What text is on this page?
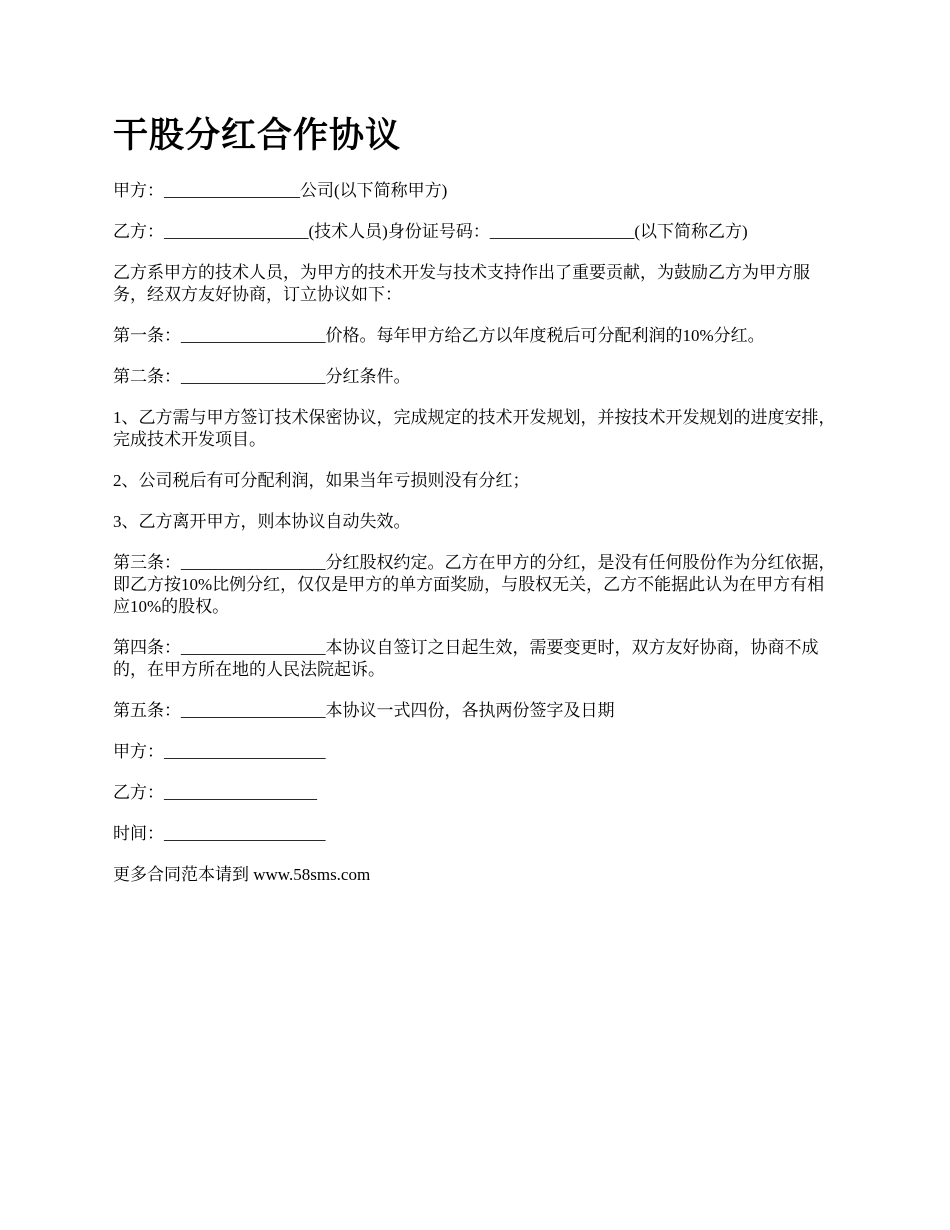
干股分红合作协议

甲方：________________公司(以下简称甲方)

乙方：_________________(技术人员)身份证号码：_________________(以下简称乙方)

乙方系甲方的技术人员，为甲方的技术开发与技术支持作出了重要贡献，为鼓励乙方为甲方服务，经双方友好协商，订立协议如下：

第一条：_________________价格。每年甲方给乙方以年度税后可分配利润的10%分红。

第二条：_________________分红条件。

1、乙方需与甲方签订技术保密协议，完成规定的技术开发规划，并按技术开发规划的进度安排，完成技术开发项目。

2、公司税后有可分配利润，如果当年亏损则没有分红；

3、乙方离开甲方，则本协议自动失效。

第三条：_________________分红股权约定。乙方在甲方的分红，是没有任何股份作为分红依据，即乙方按10%比例分红，仅仅是甲方的单方面奖励，与股权无关，乙方不能据此认为在甲方有相应10%的股权。

第四条：_________________本协议自签订之日起生效，需要变更时，双方友好协商，协商不成的，在甲方所在地的人民法院起诉。

第五条：_________________本协议一式四份，各执两份签字及日期

甲方：___________________

乙方：__________________

时间：___________________

更多合同范本请到 www.58sms.com
